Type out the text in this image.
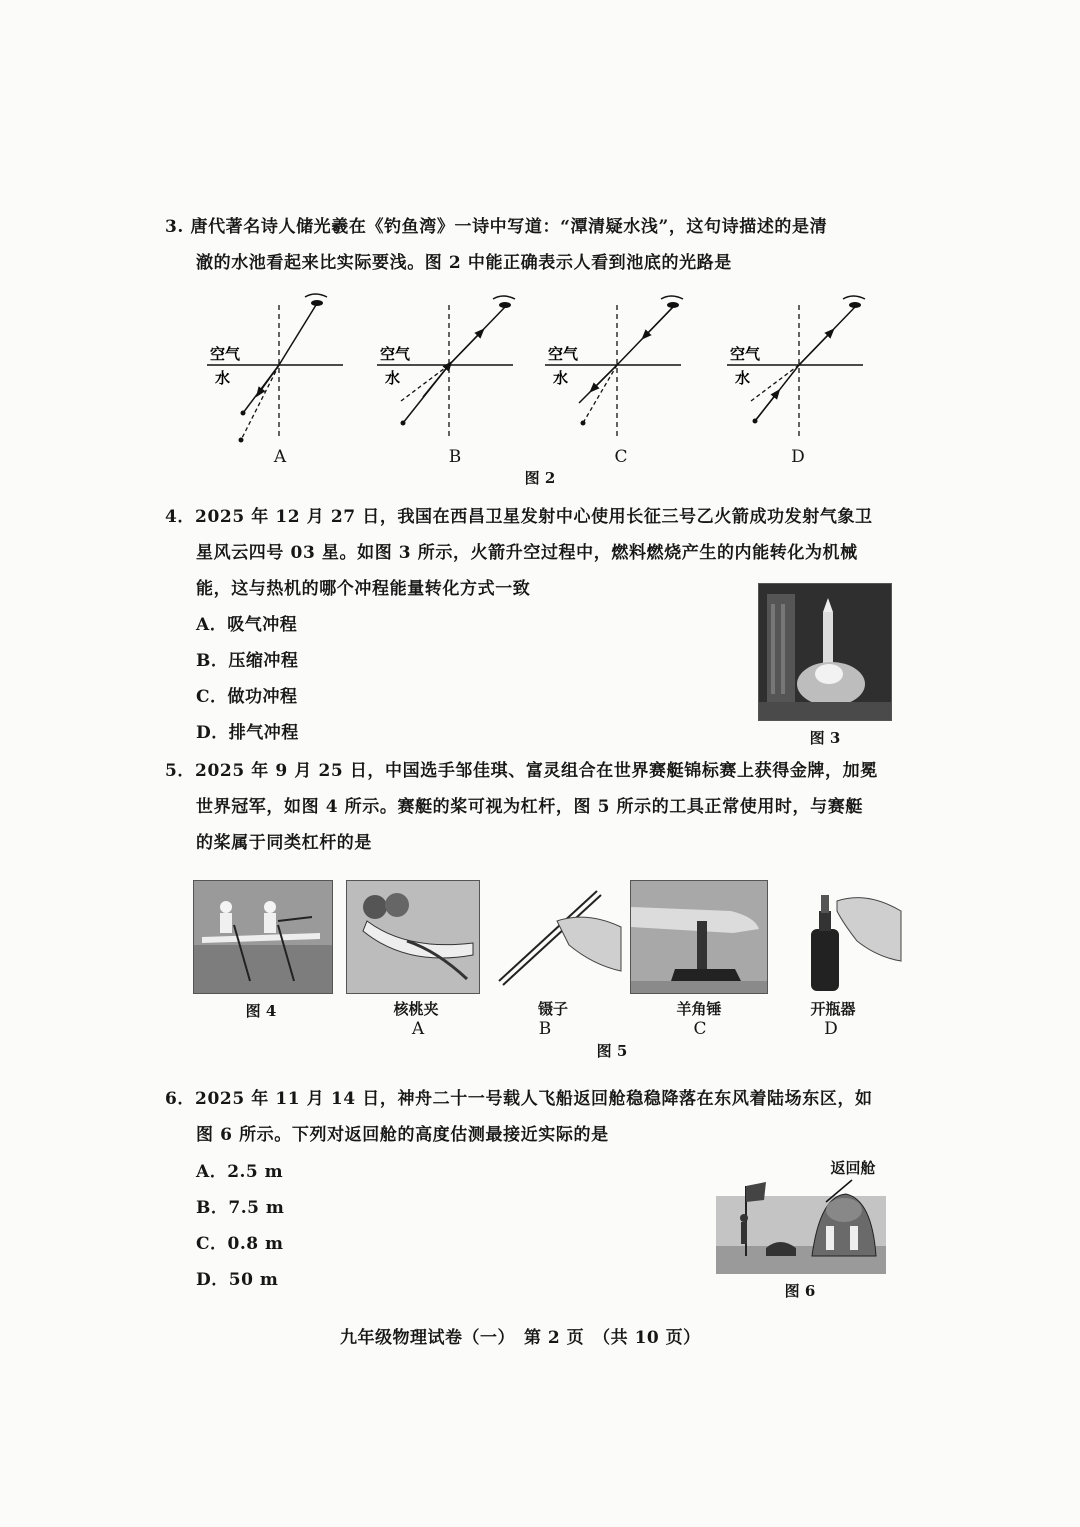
3. 唐代著名诗人储光羲在《钓鱼湾》一诗中写道：“潭清疑水浅”，这句诗描述的是清
澈的水池看起来比实际要浅。图 2 中能正确表示人看到池底的光路是
空气
水
空气
水
空气
水
空气
水
A	B	C	D
图 2
4．2025 年 12 月 27 日，我国在西昌卫星发射中心使用长征三号乙火箭成功发射气象卫
星风云四号 03 星。如图 3 所示，火箭升空过程中，燃料燃烧产生的内能转化为机械
能，这与热机的哪个冲程能量转化方式一致
A．吸气冲程
B．压缩冲程
C．做功冲程
D．排气冲程	图 3
5．2025 年 9 月 25 日，中国选手邹佳琪、富灵组合在世界赛艇锦标赛上获得金牌，加冕
世界冠军，如图 4 所示。赛艇的桨可视为杠杆，图 5 所示的工具正常使用时，与赛艇
的桨属于同类杠杆的是
图 4	核桃夹
A
镊子
B
羊角锤
C
开瓶器
D
图 5
6．2025 年 11 月 14 日，神舟二十一号载人飞船返回舱稳稳降落在东风着陆场东区，如
图 6 所示。下列对返回舱的高度估测最接近实际的是
A．2.5 m
B．7.5 m
C．0.8 m
D．50 m
返回舱
图 6
九年级物理试卷（一）　第 2 页　（共 10 页）
